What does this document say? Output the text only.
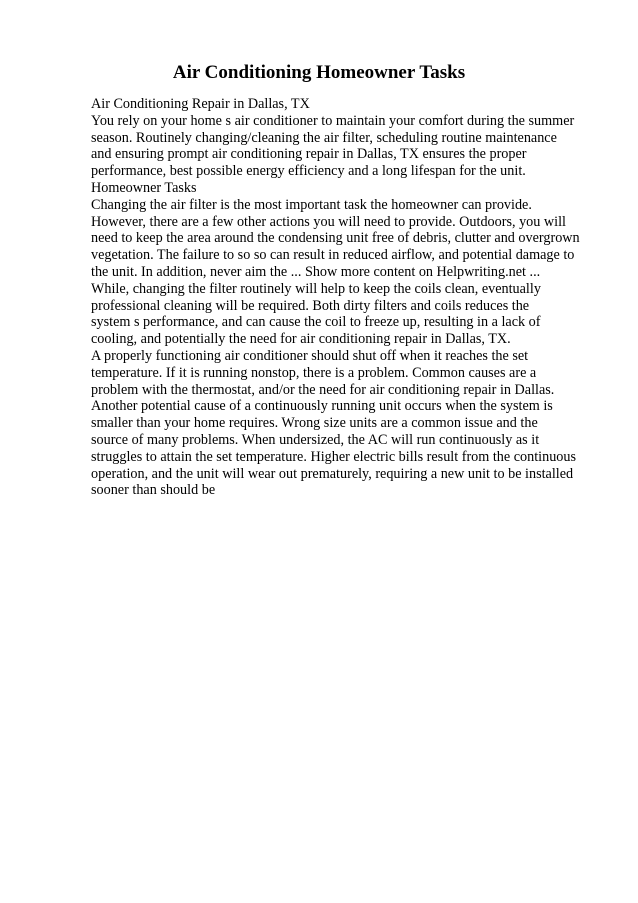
Air Conditioning Homeowner Tasks
Air Conditioning Repair in Dallas, TX
You rely on your home s air conditioner to maintain your comfort during the summer
season. Routinely changing/cleaning the air filter, scheduling routine maintenance
and ensuring prompt air conditioning repair in Dallas, TX ensures the proper
performance, best possible energy efficiency and a long lifespan for the unit.
Homeowner Tasks
Changing the air filter is the most important task the homeowner can provide.
However, there are a few other actions you will need to provide. Outdoors, you will
need to keep the area around the condensing unit free of debris, clutter and overgrown
vegetation. The failure to so so can result in reduced airflow, and potential damage to
the unit. In addition, never aim the ... Show more content on Helpwriting.net ...
While, changing the filter routinely will help to keep the coils clean, eventually
professional cleaning will be required. Both dirty filters and coils reduces the
system s performance, and can cause the coil to freeze up, resulting in a lack of
cooling, and potentially the need for air conditioning repair in Dallas, TX.
A properly functioning air conditioner should shut off when it reaches the set
temperature. If it is running nonstop, there is a problem. Common causes are a
problem with the thermostat, and/or the need for air conditioning repair in Dallas.
Another potential cause of a continuously running unit occurs when the system is
smaller than your home requires. Wrong size units are a common issue and the
source of many problems. When undersized, the AC will run continuously as it
struggles to attain the set temperature. Higher electric bills result from the continuous
operation, and the unit will wear out prematurely, requiring a new unit to be installed
sooner than should be
